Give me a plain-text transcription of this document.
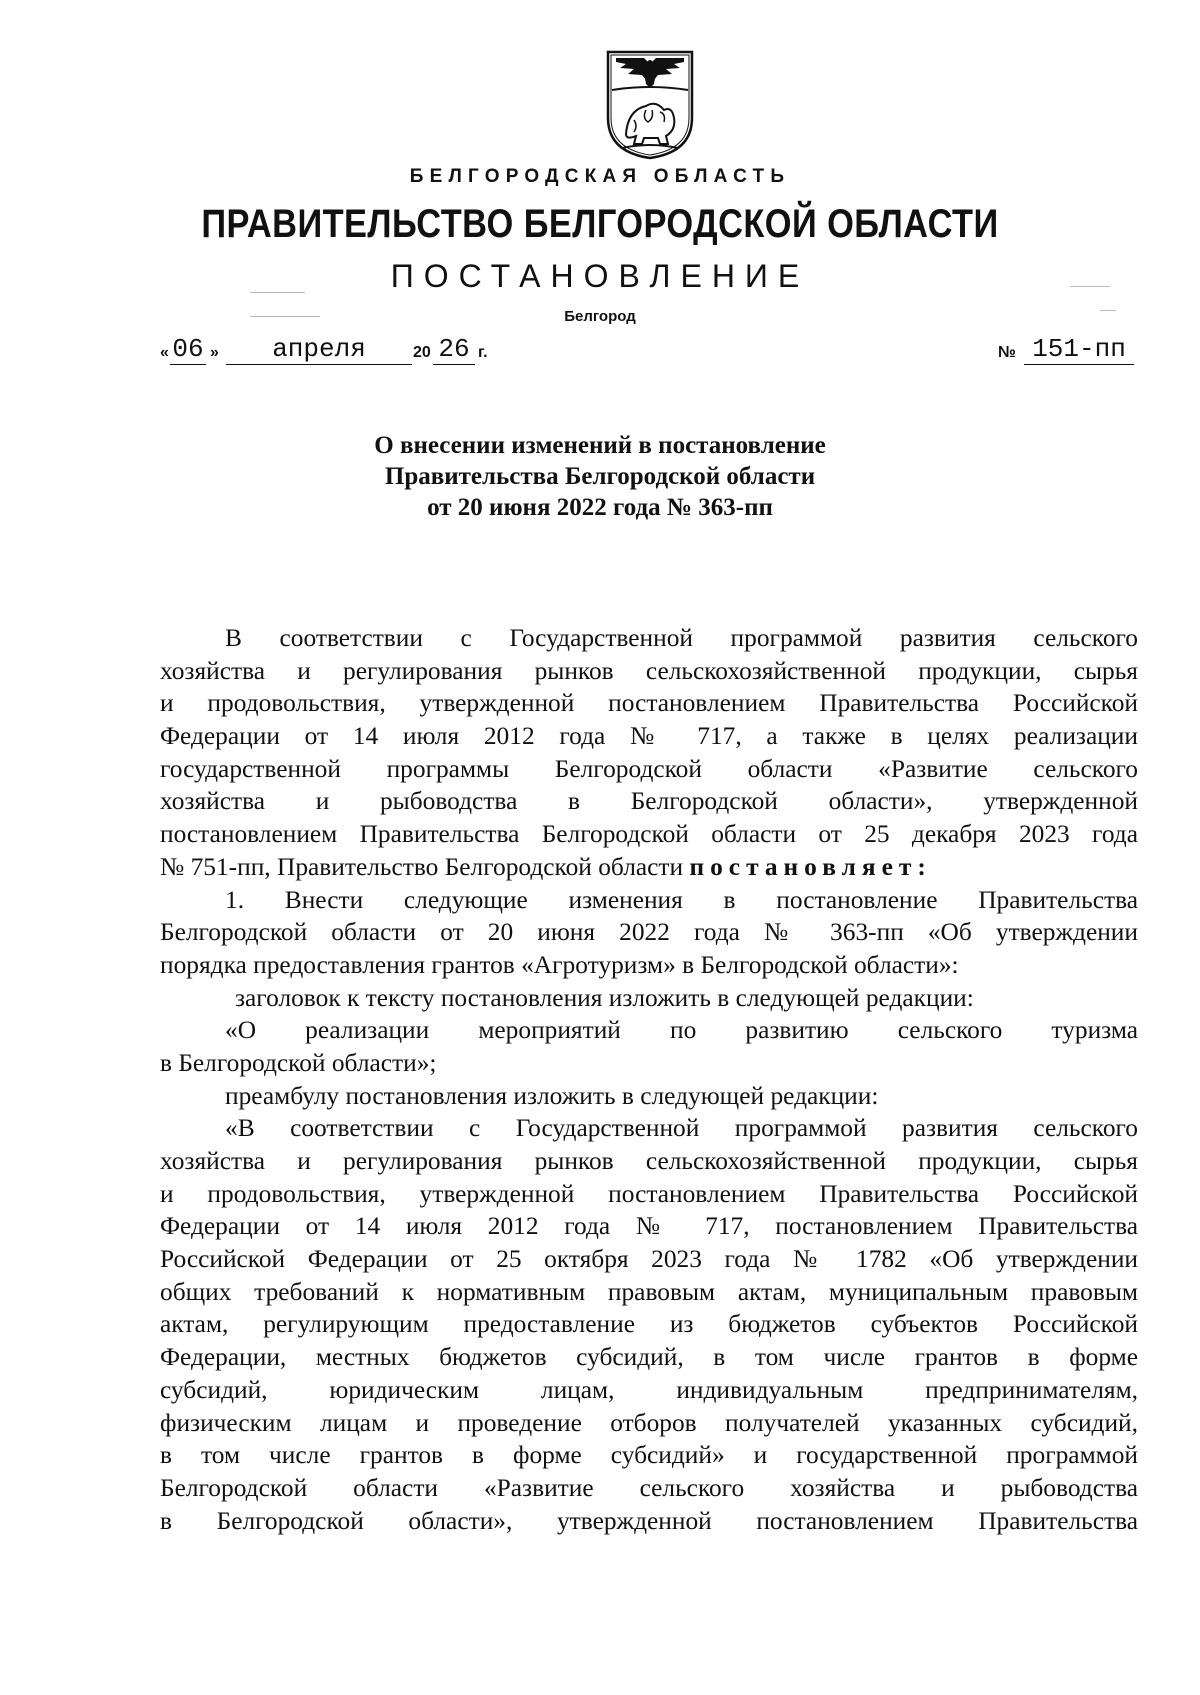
БЕЛГОРОДСКАЯ ОБЛАСТЬ
ПРАВИТЕЛЬСТВО БЕЛГОРОДСКОЙ ОБЛАСТИ
ПОСТАНОВЛЕНИЕ
Белгород
« 06 »	апреля	20 26 г.	№ 151-пп
О внесении изменений в постановление
Правительства Белгородской области
от 20 июня 2022 года № 363-пп
В соответствии с Государственной программой развития сельского
хозяйства и регулирования рынков сельскохозяйственной продукции, сырья
и продовольствия, утвержденной постановлением Правительства Российской
Федерации от 14 июля 2012 года № 717, а также в целях реализации
государственной программы Белгородской области «Развитие сельского
хозяйства и рыбоводства в Белгородской области», утвержденной
постановлением Правительства Белгородской области от 25 декабря 2023 года
№ 751-пп, Правительство Белгородской области постановляет:
1. Внести следующие изменения в постановление Правительства
Белгородской области от 20 июня 2022 года № 363-пп «Об утверждении
порядка предоставления грантов «Агротуризм» в Белгородской области»:
заголовок к тексту постановления изложить в следующей редакции:
«О реализации мероприятий по развитию сельского туризма
в Белгородской области»;
преамбулу постановления изложить в следующей редакции:
«В соответствии с Государственной программой развития сельского
хозяйства и регулирования рынков сельскохозяйственной продукции, сырья
и продовольствия, утвержденной постановлением Правительства Российской
Федерации от 14 июля 2012 года № 717, постановлением Правительства
Российской Федерации от 25 октября 2023 года № 1782 «Об утверждении
общих требований к нормативным правовым актам, муниципальным правовым
актам, регулирующим предоставление из бюджетов субъектов Российской
Федерации, местных бюджетов субсидий, в том числе грантов в форме
субсидий, юридическим лицам, индивидуальным предпринимателям,
физическим лицам и проведение отборов получателей указанных субсидий,
в том числе грантов в форме субсидий» и государственной программой
Белгородской области «Развитие сельского хозяйства и рыбоводства
в Белгородской области», утвержденной постановлением Правительства
